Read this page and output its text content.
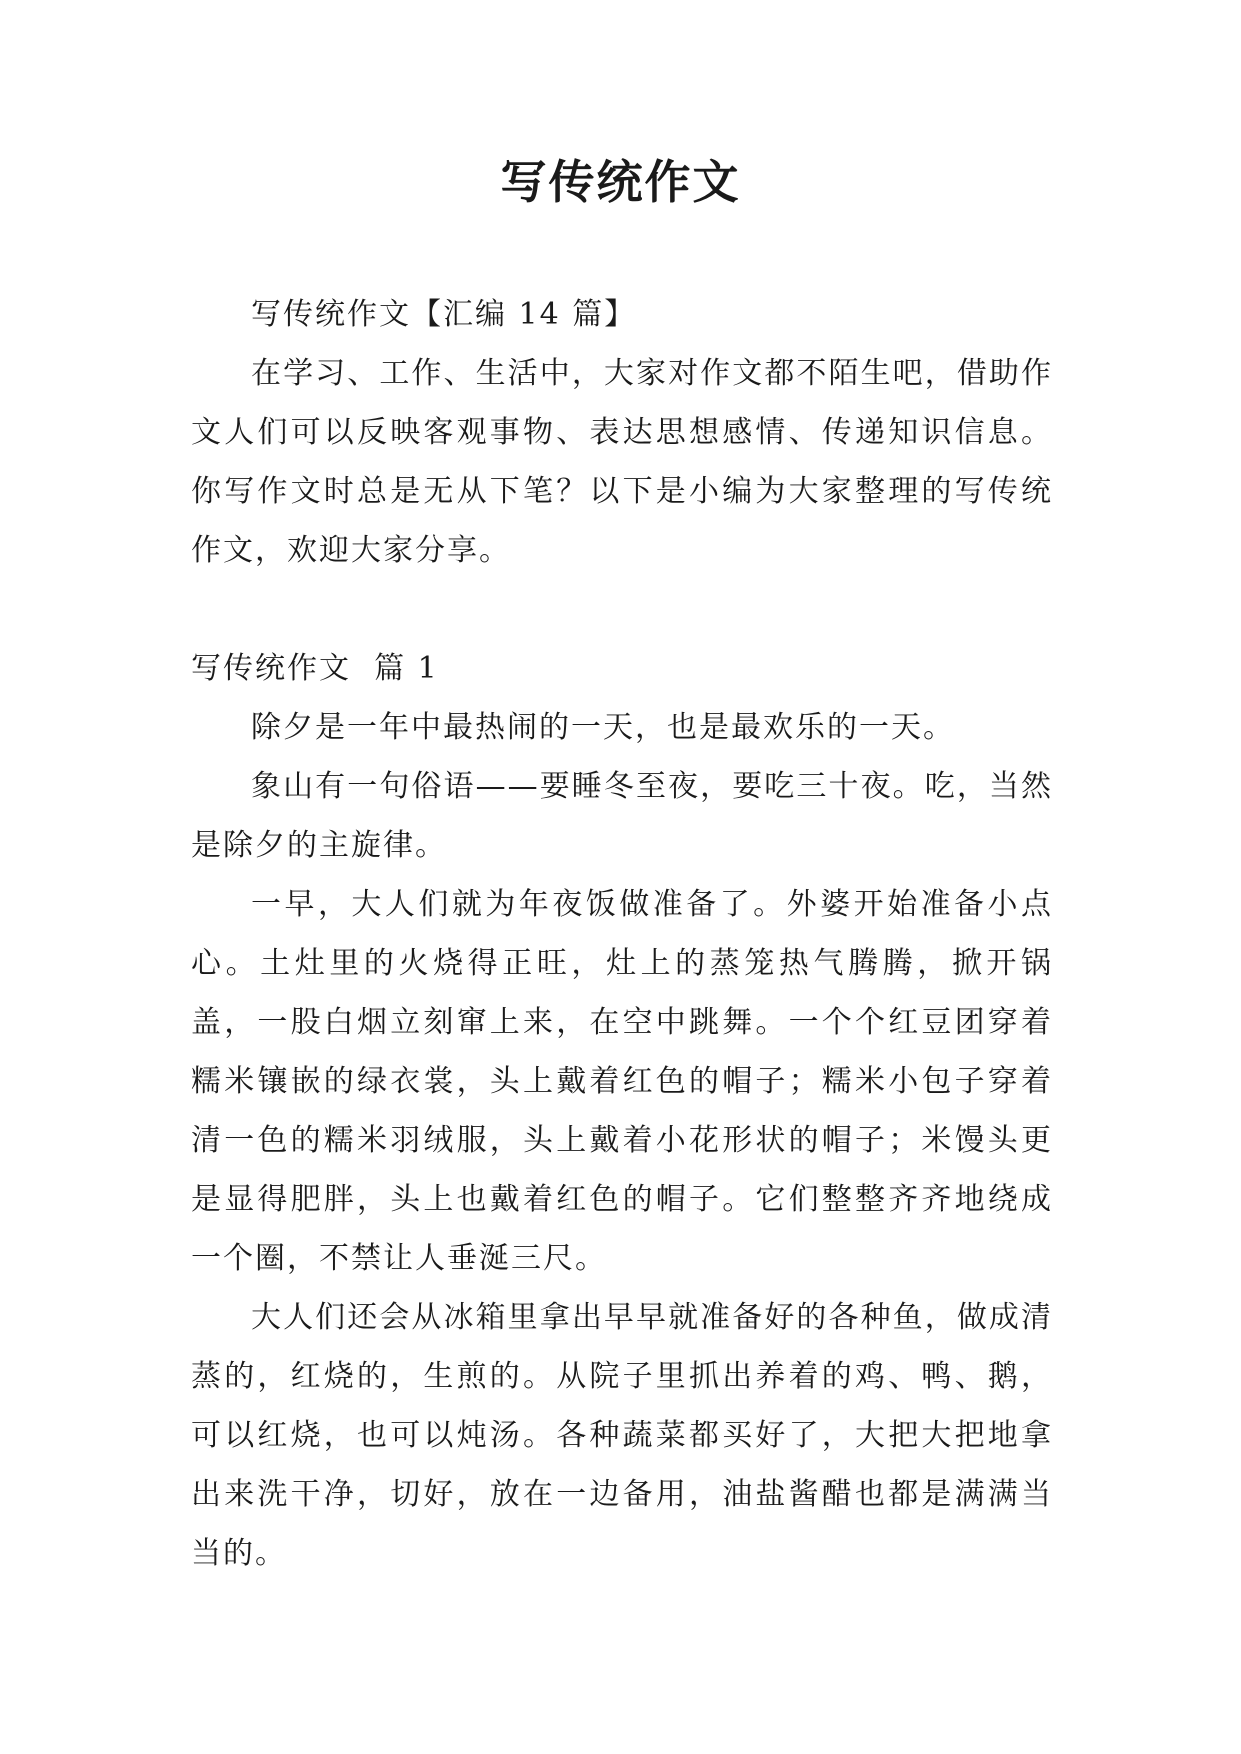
写传统作文

写传统作文【汇编 14 篇】

在学习、工作、生活中，大家对作文都不陌生吧，借助作文人们可以反映客观事物、表达思想感情、传递知识信息。你写作文时总是无从下笔？以下是小编为大家整理的写传统作文，欢迎大家分享。

写传统作文  篇 1

除夕是一年中最热闹的一天，也是最欢乐的一天。

象山有一句俗语——要睡冬至夜，要吃三十夜。吃，当然是除夕的主旋律。

一早，大人们就为年夜饭做准备了。外婆开始准备小点心。土灶里的火烧得正旺，灶上的蒸笼热气腾腾，掀开锅盖，一股白烟立刻窜上来，在空中跳舞。一个个红豆团穿着糯米镶嵌的绿衣裳，头上戴着红色的帽子；糯米小包子穿着清一色的糯米羽绒服，头上戴着小花形状的帽子；米馒头更是显得肥胖，头上也戴着红色的帽子。它们整整齐齐地绕成一个圈，不禁让人垂涎三尺。

大人们还会从冰箱里拿出早早就准备好的各种鱼，做成清蒸的，红烧的，生煎的。从院子里抓出养着的鸡、鸭、鹅，可以红烧，也可以炖汤。各种蔬菜都买好了，大把大把地拿出来洗干净，切好，放在一边备用，油盐酱醋也都是满满当当的。
